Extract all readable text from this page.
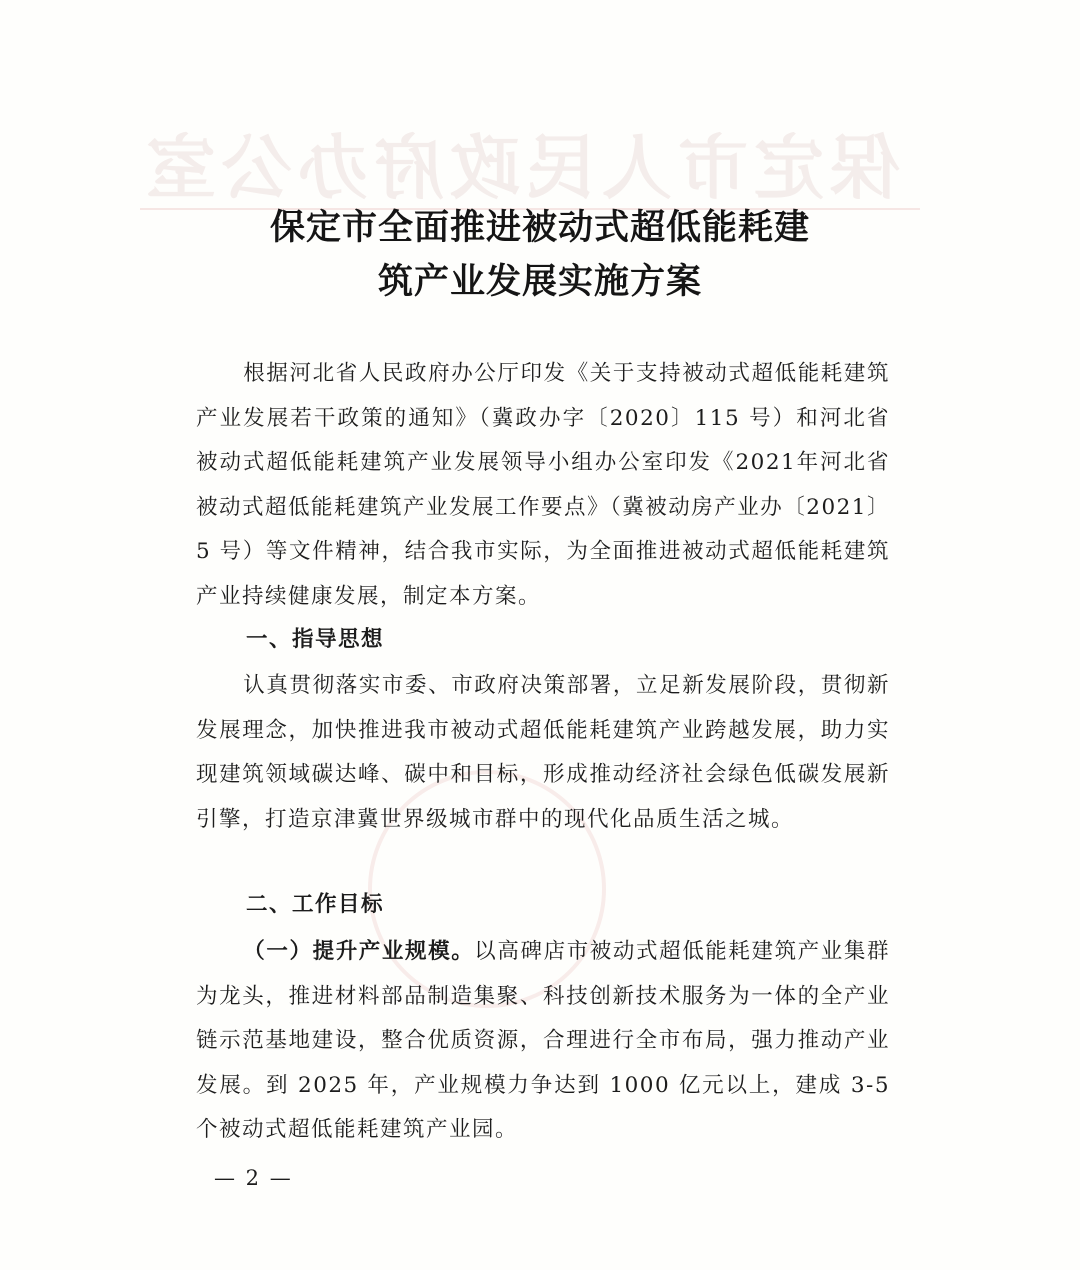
保定市人民政府办公室
保定市全面推进被动式超低能耗建
筑产业发展实施方案

根据河北省人民政府办公厅印发《关于支持被动式超低能耗建筑产业发展若干政策的通知》（冀政办字〔2020〕115 号）和河北省被动式超低能耗建筑产业发展领导小组办公室印发《2021年河北省被动式超低能耗建筑产业发展工作要点》（冀被动房产业办〔2021〕5 号）等文件精神，结合我市实际，为全面推进被动式超低能耗建筑产业持续健康发展，制定本方案。

一、指导思想

认真贯彻落实市委、市政府决策部署，立足新发展阶段，贯彻新发展理念，加快推进我市被动式超低能耗建筑产业跨越发展，助力实现建筑领域碳达峰、碳中和目标，形成推动经济社会绿色低碳发展新引擎，打造京津冀世界级城市群中的现代化品质生活之城。

二、工作目标

（一）提升产业规模。以高碑店市被动式超低能耗建筑产业集群为龙头，推进材料部品制造集聚、科技创新技术服务为一体的全产业链示范基地建设，整合优质资源，合理进行全市布局，强力推动产业发展。到 2025 年，产业规模力争达到 1000 亿元以上，建成 3-5 个被动式超低能耗建筑产业园。

— 2 —
